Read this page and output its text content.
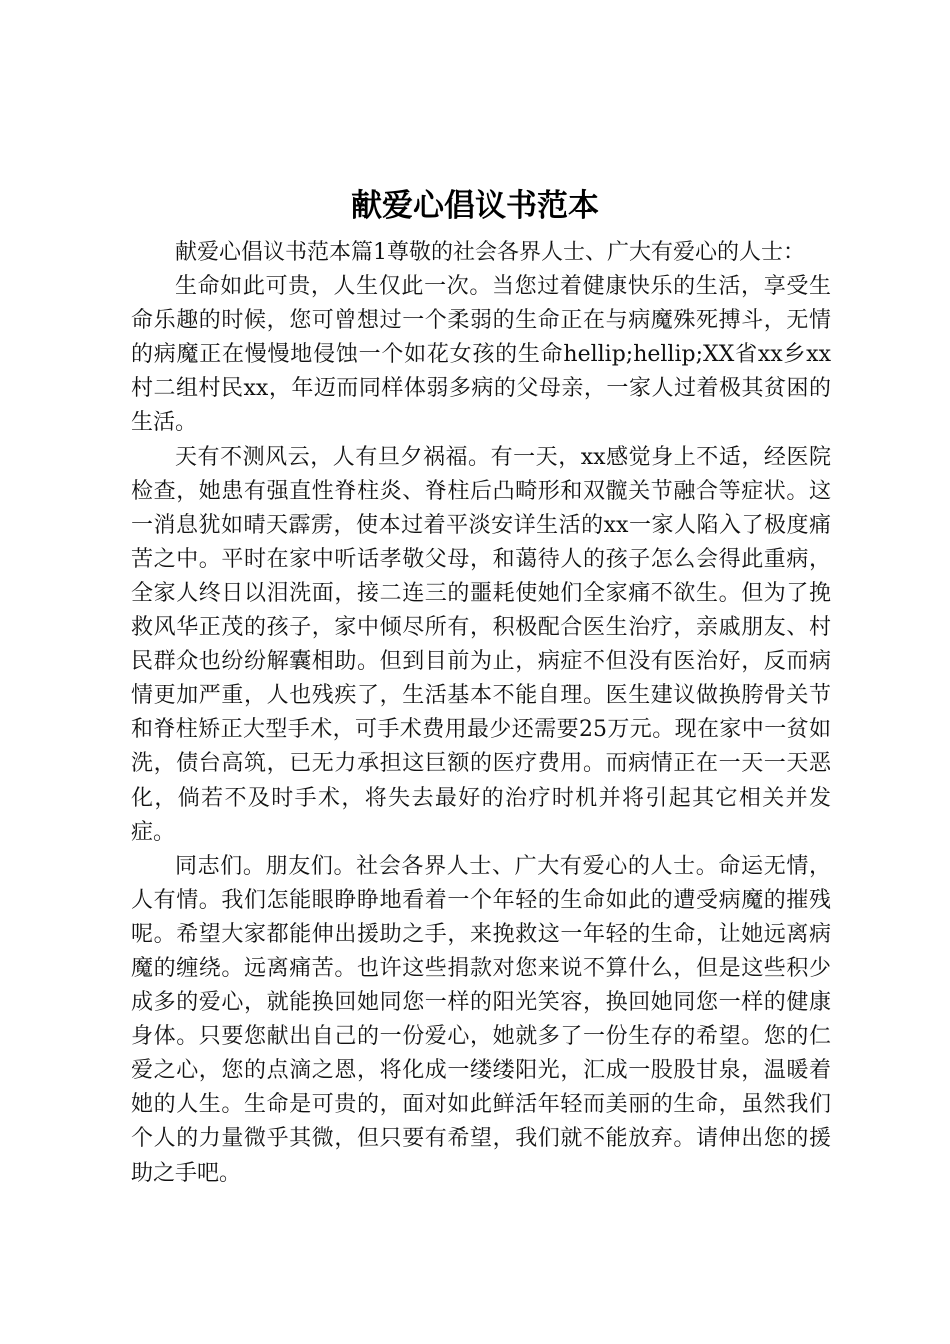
献爱心倡议书范本

献爱心倡议书范本篇1尊敬的社会各界人士、广大有爱心的人士：

生命如此可贵，人生仅此一次。当您过着健康快乐的生活，享受生命乐趣的时候，您可曾想过一个柔弱的生命正在与病魔殊死搏斗，无情的病魔正在慢慢地侵蚀一个如花女孩的生命hellip;hellip;XX省xx乡xx村二组村民xx，年迈而同样体弱多病的父母亲，一家人过着极其贫困的生活。

天有不测风云，人有旦夕祸福。有一天，xx感觉身上不适，经医院检查，她患有强直性脊柱炎、脊柱后凸畸形和双髋关节融合等症状。这一消息犹如晴天霹雳，使本过着平淡安详生活的xx一家人陷入了极度痛苦之中。平时在家中听话孝敬父母，和蔼待人的孩子怎么会得此重病，全家人终日以泪洗面，接二连三的噩耗使她们全家痛不欲生。但为了挽救风华正茂的孩子，家中倾尽所有，积极配合医生治疗，亲戚朋友、村民群众也纷纷解囊相助。但到目前为止，病症不但没有医治好，反而病情更加严重，人也残疾了，生活基本不能自理。医生建议做换胯骨关节和脊柱矫正大型手术，可手术费用最少还需要25万元。现在家中一贫如洗，债台高筑，已无力承担这巨额的医疗费用。而病情正在一天一天恶化，倘若不及时手术，将失去最好的治疗时机并将引起其它相关并发症。

同志们。朋友们。社会各界人士、广大有爱心的人士。命运无情，人有情。我们怎能眼睁睁地看着一个年轻的生命如此的遭受病魔的摧残呢。希望大家都能伸出援助之手，来挽救这一年轻的生命，让她远离病魔的缠绕。远离痛苦。也许这些捐款对您来说不算什么，但是这些积少成多的爱心，就能换回她同您一样的阳光笑容，换回她同您一样的健康身体。只要您献出自己的一份爱心，她就多了一份生存的希望。您的仁爱之心，您的点滴之恩，将化成一缕缕阳光，汇成一股股甘泉，温暖着她的人生。生命是可贵的，面对如此鲜活年轻而美丽的生命，虽然我们个人的力量微乎其微，但只要有希望，我们就不能放弃。请伸出您的援助之手吧。
